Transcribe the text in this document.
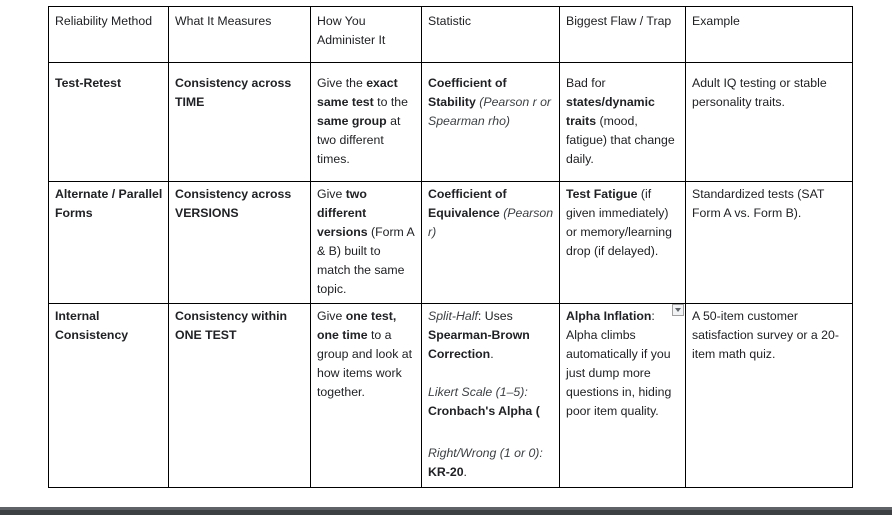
Reliability Method	What It Measures	How You Administer It	Statistic	Biggest Flaw / Trap	Example
Test-Retest	Consistency across TIME	Give the exact same test to the same group at two different times.	Coefficient of Stability (Pearson r or Spearman rho)	Bad for states/dynamic traits (mood, fatigue) that change daily.	Adult IQ testing or stable personality traits.
Alternate / Parallel Forms	Consistency across VERSIONS	Give two different versions (Form A & B) built to match the same topic.	Coefficient of Equivalence (Pearson r)	Test Fatigue (if given immediately) or memory/learning drop (if delayed).	Standardized tests (SAT Form A vs. Form B).
Internal Consistency	Consistency within ONE TEST	Give one test, one time to a group and look at how items work together.	Split-Half: Uses Spearman-Brown Correction.
Likert Scale (1–5):
Cronbach's Alpha (
Right/Wrong (1 or 0):
KR-20.	Alpha Inflation: Alpha climbs automatically if you just dump more questions in, hiding poor item quality.	A 50-item customer satisfaction survey or a 20-item math quiz.
